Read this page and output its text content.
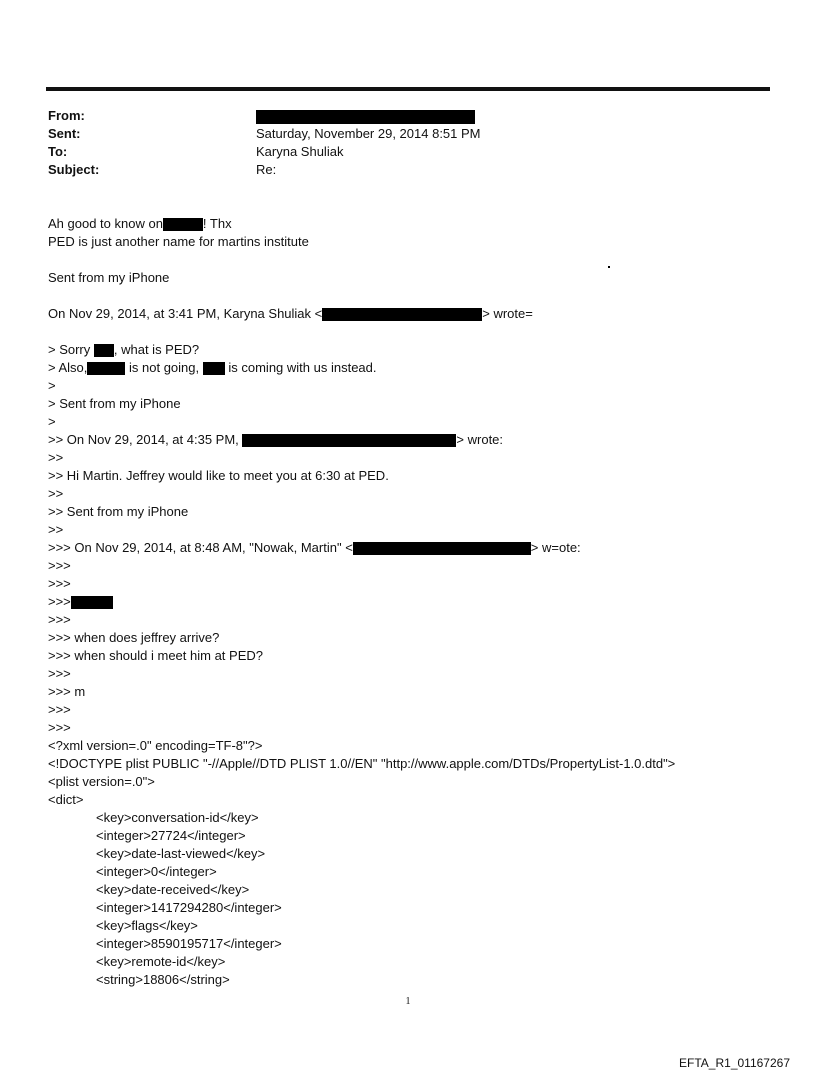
From:
Sent:	Saturday, November 29, 2014 8:51 PM
To:	Karyna Shuliak
Subject:	Re:
Ah good to know on	! Thx
PED is just another name for martins institute
Sent from my iPhone
On Nov 29, 2014, at 3:41 PM, Karyna Shuliak <	> wrote=
> Sorry , what is PED?
> Also,	is not going, is coming with us instead.
>
> Sent from my iPhone
>
>> On Nov 29, 2014, at 4:35 PM,	> wrote:
>>
>> Hi Martin. Jeffrey would like to meet you at 6:30 at PED.
>>
>> Sent from my iPhone
>>
>>> On Nov 29, 2014, at 8:48 AM, "Nowak, Martin" <	> w=ote:
>>>
>>>
>>>
>>>
>>> when does jeffrey arrive?
>>> when should i meet him at PED?
>>>
>>> m
>>>
>>>
<?xml version=.0" encoding=TF-8"?>
<!DOCTYPE plist PUBLIC "-//Apple//DTD PLIST 1.0//EN" "http://www.apple.com/DTDs/PropertyList-1.0.dtd">
<plist version=.0">
<dict>
<key>conversation-id</key>
<integer>27724</integer>
<key>date-last-viewed</key>
<integer>0</integer>
<key>date-received</key>
<integer>1417294280</integer>
<key>flags</key>
<integer>8590195717</integer>
<key>remote-id</key>
<string>18806</string>
1
EFTA_R1_01167267
